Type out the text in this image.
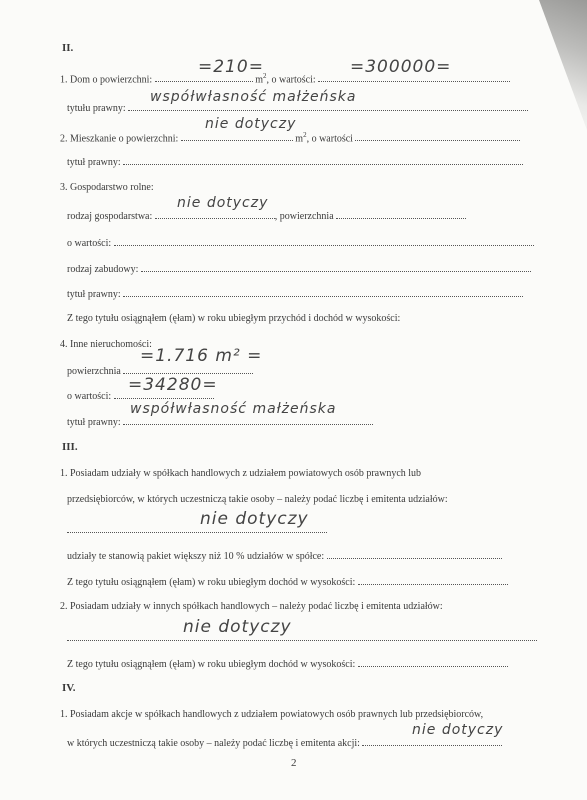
II.
1. Dom o powierzchni:	$m^2$, o wartości:
=210=	=300000=
tytułu prawny:
współwłasność małżeńska
2. Mieszkanie o powierzchni:	$m^2$, o wartości
nie dotyczy
tytuł prawny:
3. Gospodarstwo rolne:
rodzaj gospodarstwa:	, powierzchnia
nie dotyczy
o wartości:
rodzaj zabudowy:
tytuł prawny:
Z tego tytułu osiągnąłem (ęłam) w roku ubiegłym przychód i dochód w wysokości:
4. Inne nieruchomości:
powierzchnia
=1.716 m² =
o wartości:
=34280=
tytuł prawny:
współwłasność małżeńska
III.
1. Posiadam udziały w spółkach handlowych z udziałem powiatowych osób prawnych lub
przedsiębiorców, w których uczestniczą takie osoby – należy podać liczbę i emitenta udziałów:
nie dotyczy
udziały te stanowią pakiet większy niż 10 % udziałów w spółce:
Z tego tytułu osiągnąłem (ęłam) w roku ubiegłym dochód w wysokości:
2. Posiadam udziały w innych spółkach handlowych – należy podać liczbę i emitenta udziałów:
nie dotyczy
Z tego tytułu osiągnąłem (ęłam) w roku ubiegłym dochód w wysokości:
IV.
1. Posiadam akcje w spółkach handlowych z udziałem powiatowych osób prawnych lub przedsiębiorców,
w których uczestniczą takie osoby – należy podać liczbę i emitenta akcji:
nie dotyczy
2
